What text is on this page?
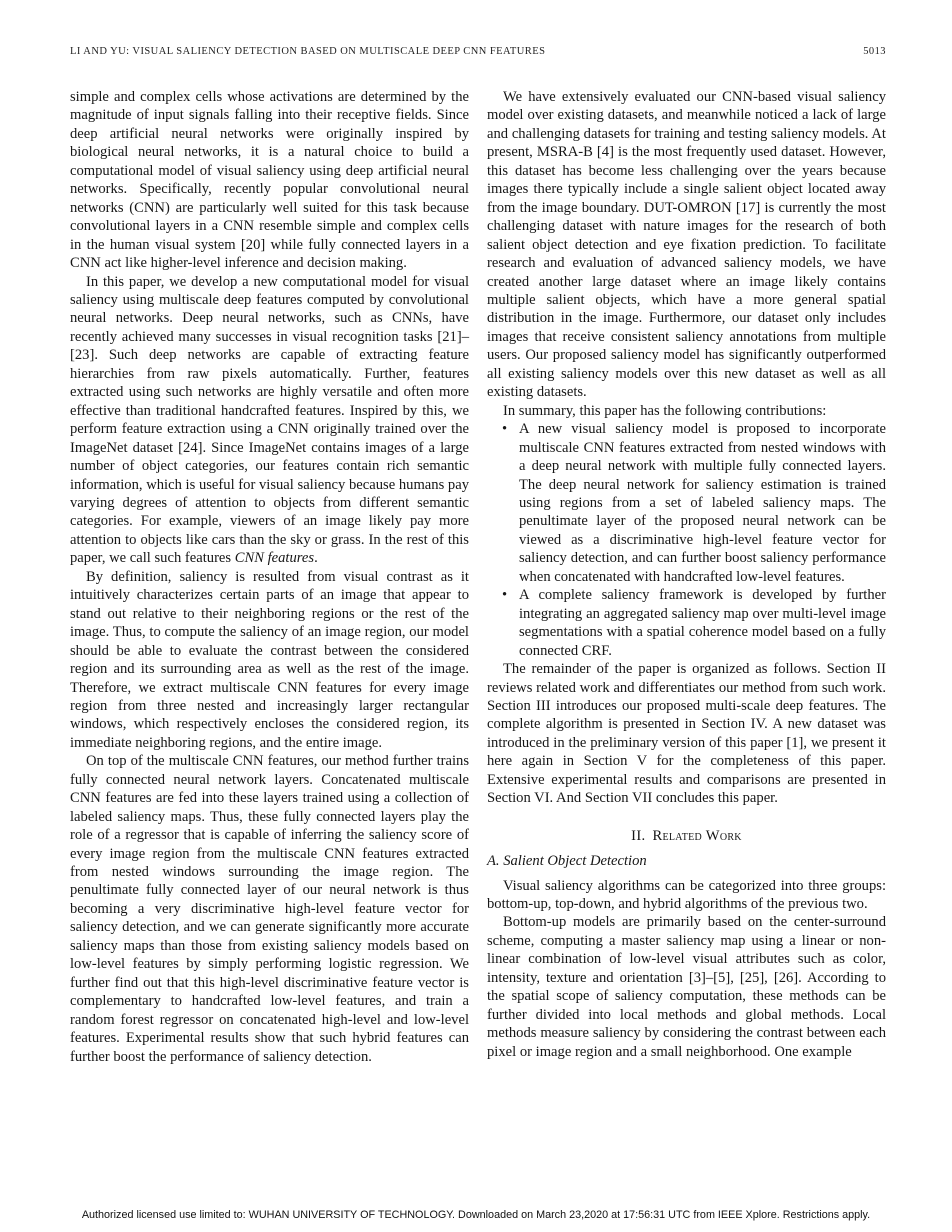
LI AND YU: VISUAL SALIENCY DETECTION BASED ON MULTISCALE DEEP CNN FEATURES	5013

simple and complex cells whose activations are determined by the magnitude of input signals falling into their receptive fields. Since deep artificial neural networks were originally inspired by biological neural networks, it is a natural choice to build a computational model of visual saliency using deep artificial neural networks. Specifically, recently popular convolutional neural networks (CNN) are particularly well suited for this task because convolutional layers in a CNN resemble simple and complex cells in the human visual system [20] while fully connected layers in a CNN act like higher-level inference and decision making.

In this paper, we develop a new computational model for visual saliency using multiscale deep features computed by convolutional neural networks. Deep neural networks, such as CNNs, have recently achieved many successes in visual recognition tasks [21]–[23]. Such deep networks are capable of extracting feature hierarchies from raw pixels automatically. Further, features extracted using such networks are highly versatile and often more effective than traditional handcrafted features. Inspired by this, we perform feature extraction using a CNN originally trained over the ImageNet dataset [24]. Since ImageNet contains images of a large number of object categories, our features contain rich semantic information, which is useful for visual saliency because humans pay varying degrees of attention to objects from different semantic categories. For example, viewers of an image likely pay more attention to objects like cars than the sky or grass. In the rest of this paper, we call such features CNN features.

By definition, saliency is resulted from visual contrast as it intuitively characterizes certain parts of an image that appear to stand out relative to their neighboring regions or the rest of the image. Thus, to compute the saliency of an image region, our model should be able to evaluate the contrast between the considered region and its surrounding area as well as the rest of the image. Therefore, we extract multiscale CNN features for every image region from three nested and increasingly larger rectangular windows, which respectively encloses the considered region, its immediate neighboring regions, and the entire image.

On top of the multiscale CNN features, our method further trains fully connected neural network layers. Concatenated multiscale CNN features are fed into these layers trained using a collection of labeled saliency maps. Thus, these fully connected layers play the role of a regressor that is capable of inferring the saliency score of every image region from the multiscale CNN features extracted from nested windows surrounding the image region. The penultimate fully connected layer of our neural network is thus becoming a very discriminative high-level feature vector for saliency detection, and we can generate significantly more accurate saliency maps than those from existing saliency models based on low-level features by simply performing logistic regression. We further find out that this high-level discriminative feature vector is complementary to handcrafted low-level features, and train a random forest regressor on concatenated high-level and low-level features. Experimental results show that such hybrid features can further boost the performance of saliency detection.

We have extensively evaluated our CNN-based visual saliency model over existing datasets, and meanwhile noticed a lack of large and challenging datasets for training and testing saliency models. At present, MSRA-B [4] is the most frequently used dataset. However, this dataset has become less challenging over the years because images there typically include a single salient object located away from the image boundary. DUT-OMRON [17] is currently the most challenging dataset with nature images for the research of both salient object detection and eye fixation prediction. To facilitate research and evaluation of advanced saliency models, we have created another large dataset where an image likely contains multiple salient objects, which have a more general spatial distribution in the image. Furthermore, our dataset only includes images that receive consistent saliency annotations from multiple users. Our proposed saliency model has significantly outperformed all existing saliency models over this new dataset as well as all existing datasets.

In summary, this paper has the following contributions:

• A new visual saliency model is proposed to incorporate multiscale CNN features extracted from nested windows with a deep neural network with multiple fully connected layers. The deep neural network for saliency estimation is trained using regions from a set of labeled saliency maps. The penultimate layer of the proposed neural network can be viewed as a discriminative high-level feature vector for saliency detection, and can further boost saliency performance when concatenated with handcrafted low-level features.
• A complete saliency framework is developed by further integrating an aggregated saliency map over multi-level image segmentations with a spatial coherence model based on a fully connected CRF.

The remainder of the paper is organized as follows. Section II reviews related work and differentiates our method from such work. Section III introduces our proposed multi-scale deep features. The complete algorithm is presented in Section IV. A new dataset was introduced in the preliminary version of this paper [1], we present it here again in Section V for the completeness of this paper. Extensive experimental results and comparisons are presented in Section VI. And Section VII concludes this paper.

II. Related Work
A. Salient Object Detection

Visual saliency algorithms can be categorized into three groups: bottom-up, top-down, and hybrid algorithms of the previous two.

Bottom-up models are primarily based on the center-surround scheme, computing a master saliency map using a linear or non-linear combination of low-level visual attributes such as color, intensity, texture and orientation [3]–[5], [25], [26]. According to the spatial scope of saliency computation, these methods can be further divided into local methods and global methods. Local methods measure saliency by considering the contrast between each pixel or image region and a small neighborhood. One example

Authorized licensed use limited to: WUHAN UNIVERSITY OF TECHNOLOGY. Downloaded on March 23,2020 at 17:56:31 UTC from IEEE Xplore. Restrictions apply.
